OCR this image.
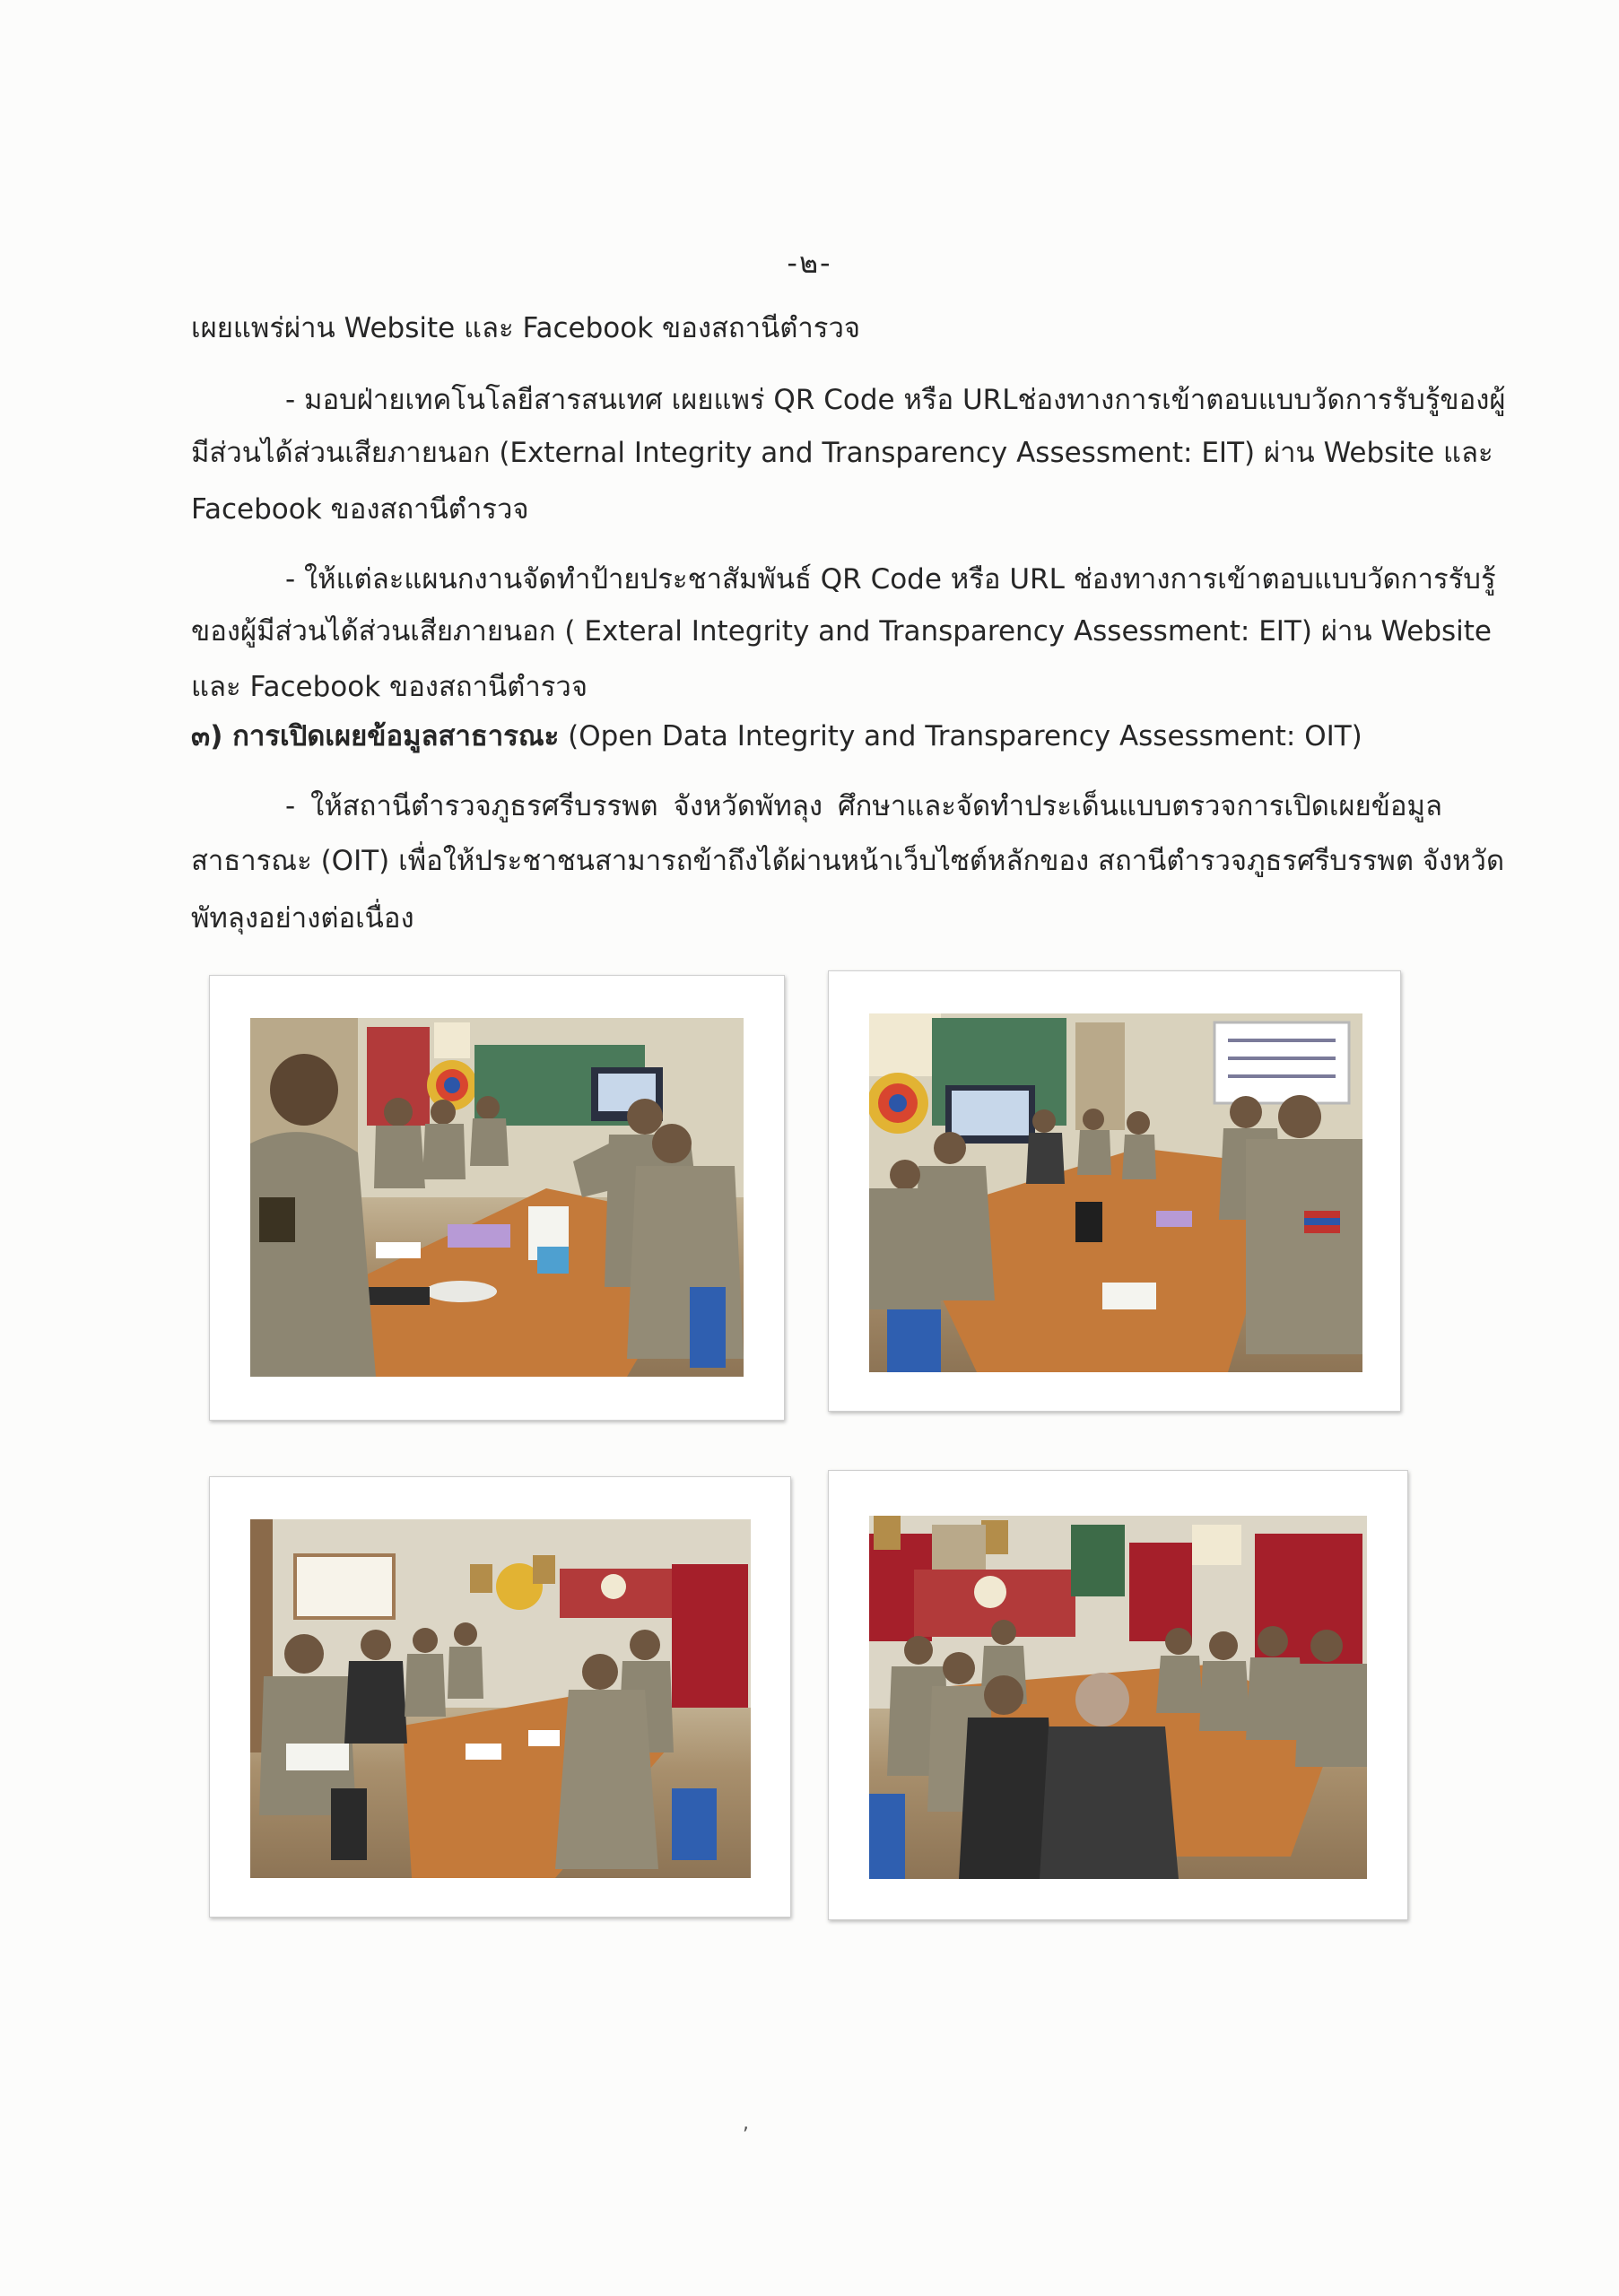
-๒-
เผยแพร่ผ่าน Website และ Facebook ของสถานีตำรวจ
- มอบฝ่ายเทคโนโลยีสารสนเทศ เผยแพร่ QR Code หรือ URLช่องทางการเข้าตอบแบบวัดการรับรู้ของผู้
มีส่วนได้ส่วนเสียภายนอก (External Integrity and Transparency Assessment: EIT) ผ่าน Website และ
Facebook ของสถานีตำรวจ
- ให้แต่ละแผนกงานจัดทำป้ายประชาสัมพันธ์ QR Code หรือ URL ช่องทางการเข้าตอบแบบวัดการรับรู้
ของผู้มีส่วนได้ส่วนเสียภายนอก ( Exteral Integrity and Transparency Assessment: EIT) ผ่าน Website
และ Facebook ของสถานีตำรวจ
๓) การเปิดเผยข้อมูลสาธารณะ (Open Data Integrity and Transparency Assessment: OIT)
- ให้สถานีตำรวจภูธรศรีบรรพต จังหวัดพัทลุง ศึกษาและจัดทำประเด็นแบบตรวจการเปิดเผยข้อมูล
สาธารณะ (OIT) เพื่อให้ประชาชนสามารถข้าถึงได้ผ่านหน้าเว็บไซต์หลักของ สถานีตำรวจภูธรศรีบรรพต จังหวัด
พัทลุงอย่างต่อเนื่อง
,
